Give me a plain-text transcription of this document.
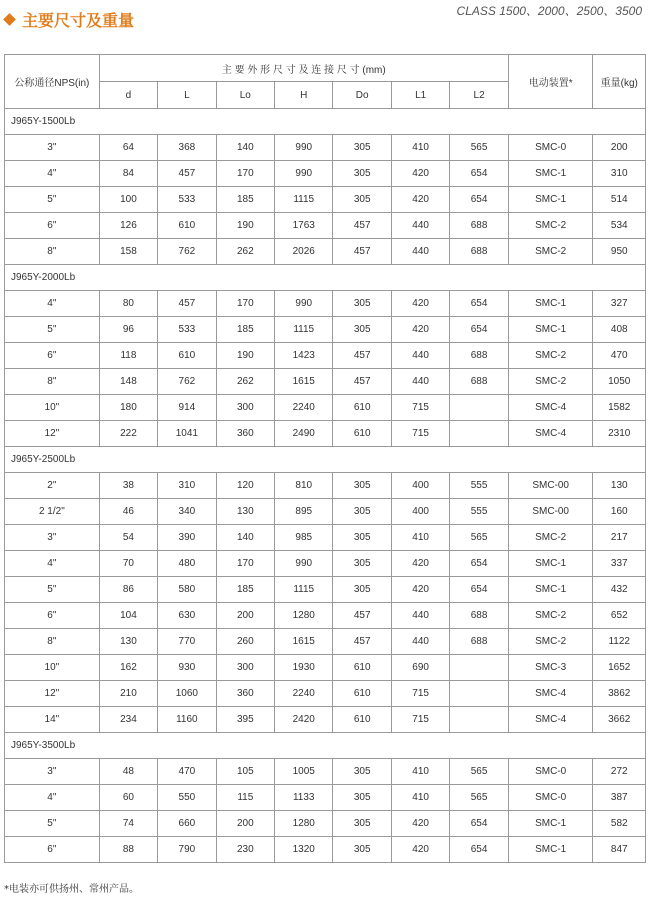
主要尺寸及重量	CLASS 1500、2000、2500、3500
公称通径NPS(in)	主 要 外 形 尺 寸 及 连 接 尺 寸 (mm)							电动装置*	重量(kg)
	d	L	Lo	H	Do	L1	L2		
J965Y-1500Lb									
3"	64	368	140	990	305	410	565	SMC-0	200
4"	84	457	170	990	305	420	654	SMC-1	310
5"	100	533	185	1115	305	420	654	SMC-1	514
6"	126	610	190	1763	457	440	688	SMC-2	534
8"	158	762	262	2026	457	440	688	SMC-2	950
J965Y-2000Lb									
4"	80	457	170	990	305	420	654	SMC-1	327
5"	96	533	185	1115	305	420	654	SMC-1	408
6"	118	610	190	1423	457	440	688	SMC-2	470
8"	148	762	262	1615	457	440	688	SMC-2	1050
10"	180	914	300	2240	610	715		SMC-4	1582
12"	222	1041	360	2490	610	715		SMC-4	2310
J965Y-2500Lb									
2"	38	310	120	810	305	400	555	SMC-00	130
2 1/2"	46	340	130	895	305	400	555	SMC-00	160
3"	54	390	140	985	305	410	565	SMC-2	217
4"	70	480	170	990	305	420	654	SMC-1	337
5"	86	580	185	1115	305	420	654	SMC-1	432
6"	104	630	200	1280	457	440	688	SMC-2	652
8"	130	770	260	1615	457	440	688	SMC-2	1122
10"	162	930	300	1930	610	690		SMC-3	1652
12"	210	1060	360	2240	610	715		SMC-4	3862
14"	234	1160	395	2420	610	715		SMC-4	3662
J965Y-3500Lb									
3"	48	470	105	1005	305	410	565	SMC-0	272
4"	60	550	115	1133	305	410	565	SMC-0	387
5"	74	660	200	1280	305	420	654	SMC-1	582
6"	88	790	230	1320	305	420	654	SMC-1	847
*电装亦可供扬州、常州产品。
